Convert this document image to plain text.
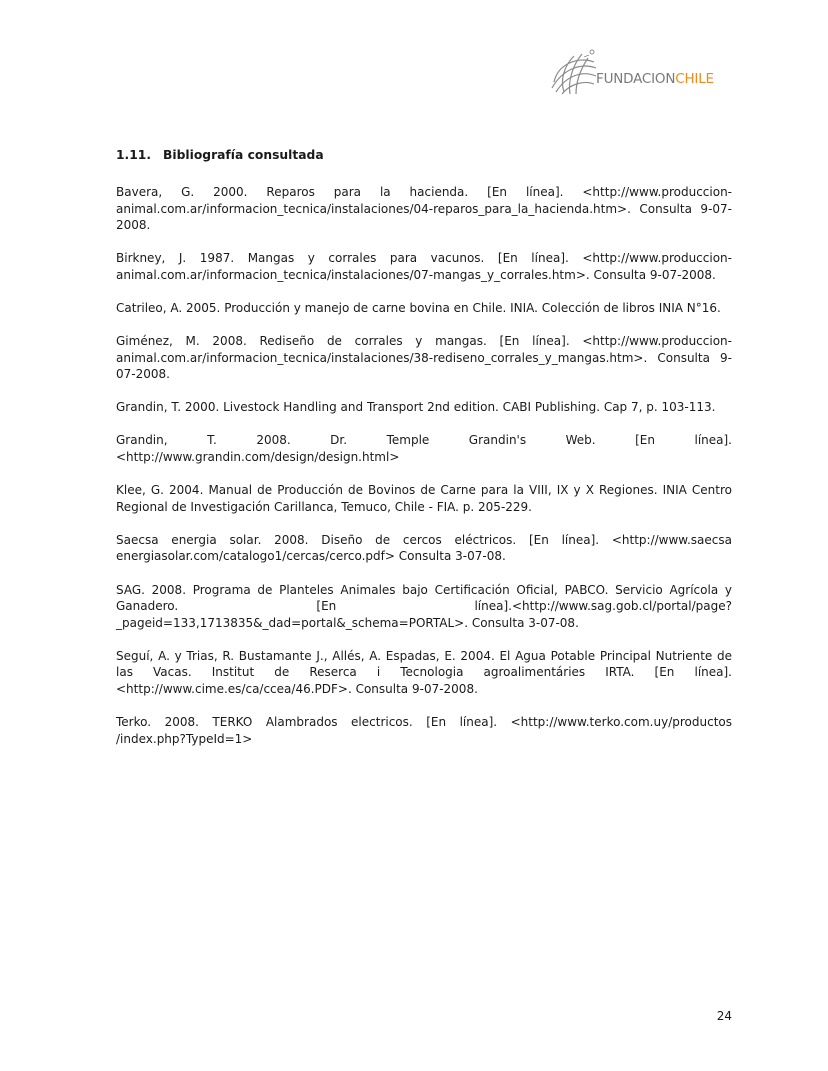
FUNDACIONCHILE
1.11. Bibliografía consultada

Bavera, G. 2000. Reparos para la hacienda. [En línea]. <http://www.produccion-animal.com.ar/informacion_tecnica/instalaciones/04-reparos_para_la_hacienda.htm>. Consulta 9-07-2008.

Birkney, J. 1987. Mangas y corrales para vacunos. [En línea]. <http://www.produccion-animal.com.ar/informacion_tecnica/instalaciones/07-mangas_y_corrales.htm>. Consulta 9-07-2008.

Catrileo, A. 2005. Producción y manejo de carne bovina en Chile. INIA. Colección de libros INIA N°16.

Giménez, M. 2008. Rediseño de corrales y mangas. [En línea]. <http://www.produccion-animal.com.ar/informacion_tecnica/instalaciones/38-rediseno_corrales_y_mangas.htm>. Consulta 9-07-2008.

Grandin, T. 2000. Livestock Handling and Transport 2nd edition. CABI Publishing. Cap 7, p. 103-113.

Grandin, T. 2008. Dr. Temple Grandin's Web. [En línea]. <http://www.grandin.com/design/design.html>

Klee, G. 2004. Manual de Producción de Bovinos de Carne para la VIII, IX y X Regiones. INIA Centro Regional de Investigación Carillanca, Temuco, Chile - FIA. p. 205-229.

Saecsa energia solar. 2008. Diseño de cercos eléctricos. [En línea]. <http://www.saecsa energiasolar.com/catalogo1/cercas/cerco.pdf> Consulta 3-07-08.

SAG. 2008. Programa de Planteles Animales bajo Certificación Oficial, PABCO. Servicio Agrícola y Ganadero. [En línea].<http://www.sag.gob.cl/portal/page?_pageid=133,1713835&_dad=portal&_schema=PORTAL>. Consulta 3-07-08.

Seguí, A. y Trias, R. Bustamante J., Allés, A. Espadas, E. 2004. El Agua Potable Principal Nutriente de las Vacas. Institut de Reserca i Tecnologia agroalimentáries IRTA. [En línea]. <http://www.cime.es/ca/ccea/46.PDF>. Consulta 9-07-2008.

Terko. 2008. TERKO Alambrados electricos. [En línea]. <http://www.terko.com.uy/productos /index.php?TypeId=1>

24
